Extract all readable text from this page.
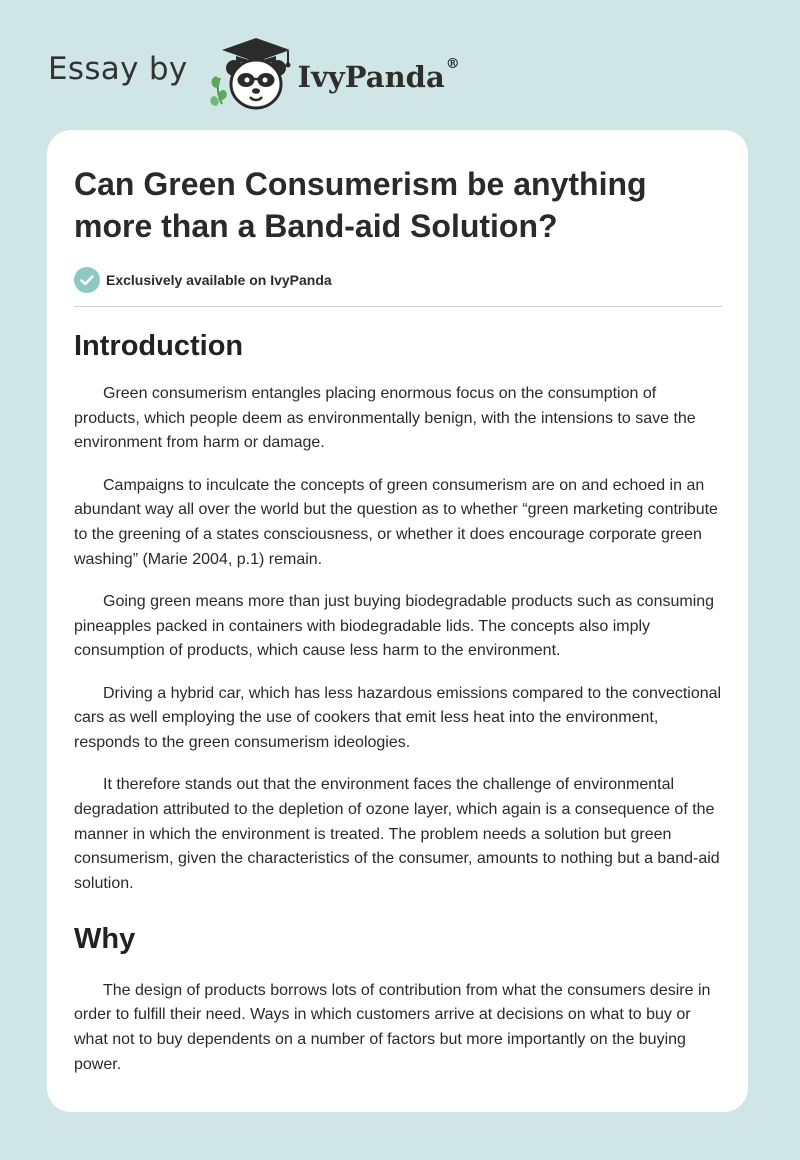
Essay by	IvyPanda®
Can Green Consumerism be anything more than a Band-aid Solution?
Exclusively available on IvyPanda
Introduction

Green consumerism entangles placing enormous focus on the consumption of products, which people deem as environmentally benign, with the intensions to save the environment from harm or damage.

Campaigns to inculcate the concepts of green consumerism are on and echoed in an abundant way all over the world but the question as to whether “green marketing contribute to the greening of a states consciousness, or whether it does encourage corporate green washing” (Marie 2004, p.1) remain.

Going green means more than just buying biodegradable products such as consuming pineapples packed in containers with biodegradable lids. The concepts also imply consumption of products, which cause less harm to the environment.

Driving a hybrid car, which has less hazardous emissions compared to the convectional cars as well employing the use of cookers that emit less heat into the environment, responds to the green consumerism ideologies.

It therefore stands out that the environment faces the challenge of environmental degradation attributed to the depletion of ozone layer, which again is a consequence of the manner in which the environment is treated. The problem needs a solution but green consumerism, given the characteristics of the consumer, amounts to nothing but a band-aid solution.

Why

The design of products borrows lots of contribution from what the consumers desire in order to fulfill their need. Ways in which customers arrive at decisions on what to buy or what not to buy dependents on a number of factors but more importantly on the buying power.
